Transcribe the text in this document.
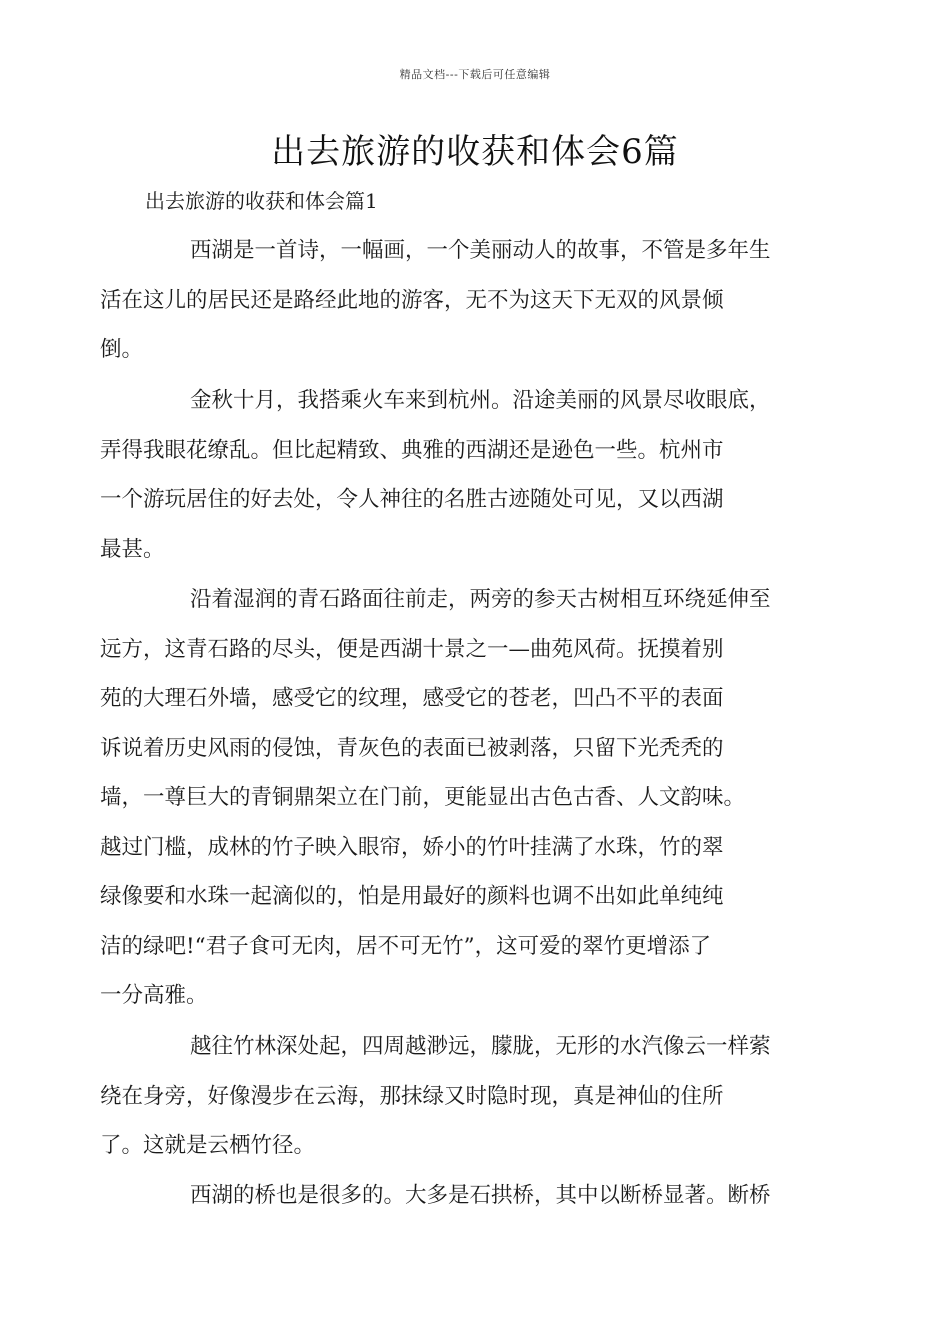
精品文档---下载后可任意编辑
出去旅游的收获和体会6篇
出去旅游的收获和体会篇1
西湖是一首诗，一幅画，一个美丽动人的故事，不管是多年生
活在这儿的居民还是路经此地的游客，无不为这天下无双的风景倾
倒。
金秋十月，我搭乘火车来到杭州。沿途美丽的风景尽收眼底，
弄得我眼花缭乱。但比起精致、典雅的西湖还是逊色一些。杭州市
一个游玩居住的好去处，令人神往的名胜古迹随处可见，又以西湖
最甚。
沿着湿润的青石路面往前走，两旁的参天古树相互环绕延伸至
远方，这青石路的尽头，便是西湖十景之一—曲苑风荷。抚摸着别
苑的大理石外墙，感受它的纹理，感受它的苍老，凹凸不平的表面
诉说着历史风雨的侵蚀，青灰色的表面已被剥落，只留下光秃秃的
墙，一尊巨大的青铜鼎架立在门前，更能显出古色古香、人文韵味。
越过门槛，成林的竹子映入眼帘，娇小的竹叶挂满了水珠，竹的翠
绿像要和水珠一起滴似的，怕是用最好的颜料也调不出如此单纯纯
洁的绿吧!“君子食可无肉，居不可无竹”，这可爱的翠竹更增添了
一分高雅。
越往竹林深处起，四周越渺远，朦胧，无形的水汽像云一样萦
绕在身旁，好像漫步在云海，那抹绿又时隐时现，真是神仙的住所
了。这就是云栖竹径。
西湖的桥也是很多的。大多是石拱桥，其中以断桥显著。断桥
